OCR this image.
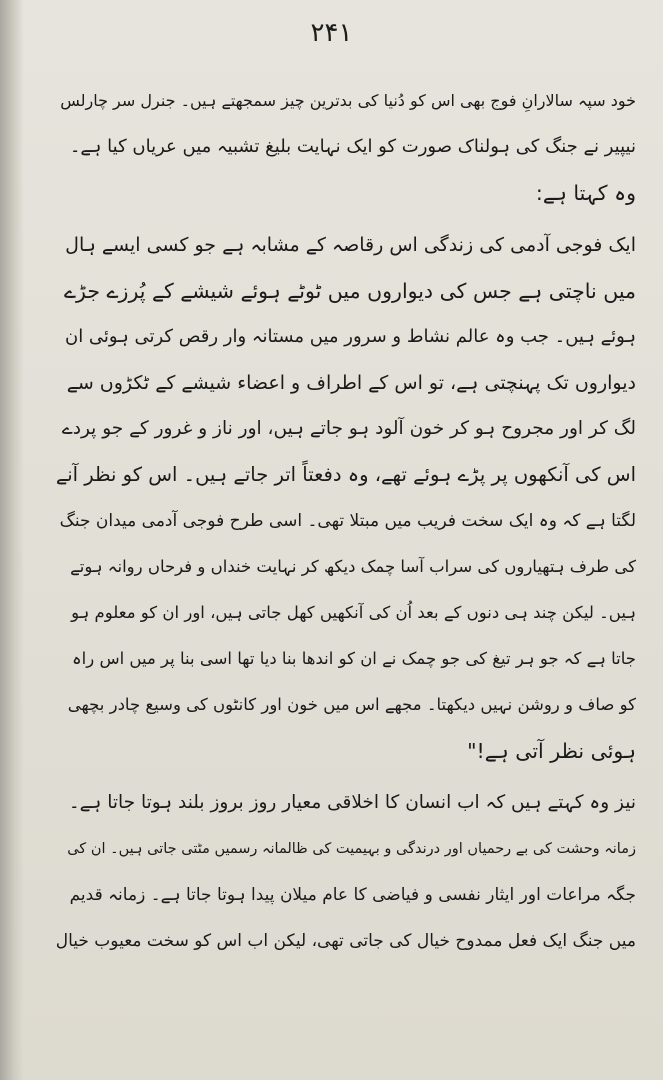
۲۴۱
خود سپہ سالارانِ فوج بھی اس کو دُنیا کی بدترین چیز سمجھتے ہیں۔ جنرل سر چارلس
نیپیر نے جنگ کی ہولناک صورت کو ایک نہایت بلیغ تشبیہ میں عریاں کیا ہے۔
وہ کہتا ہے:
ایک فوجی آدمی کی زندگی اس رقاصہ کے مشابہ ہے جو کسی ایسے ہال
میں ناچتی ہے جس کی دیواروں میں ٹوٹے ہوئے شیشے کے پُرزے جڑے
ہوئے ہیں۔ جب وہ عالم نشاط و سرور میں مستانہ وار رقص کرتی ہوئی ان
دیواروں تک پہنچتی ہے، تو اس کے اطراف و اعضاء شیشے کے ٹکڑوں سے
لگ کر اور مجروح ہو کر خون آلود ہو جاتے ہیں، اور ناز و غرور کے جو پردے
اس کی آنکھوں پر پڑے ہوئے تھے، وہ دفعتاً اتر جاتے ہیں۔ اس کو نظر آنے
لگتا ہے کہ وہ ایک سخت فریب میں مبتلا تھی۔ اسی طرح فوجی آدمی میدان جنگ
کی طرف ہتھیاروں کی سراب آسا چمک دیکھ کر نہایت خنداں و فرحاں روانہ ہوتے
ہیں۔ لیکن چند ہی دنوں کے بعد اُن کی آنکھیں کھل جاتی ہیں، اور ان کو معلوم ہو
جاتا ہے کہ جو ہر تیغ کی جو چمک نے ان کو اندھا بنا دیا تھا اسی بنا پر میں اس راہ
کو صاف و روشن نہیں دیکھتا۔ مجھے اس میں خون اور کانٹوں کی وسیع چادر بچھی
ہوئی نظر آتی ہے!"
نیز وہ کہتے ہیں کہ اب انسان کا اخلاقی معیار روز بروز بلند ہوتا جاتا ہے۔
زمانہ وحشت کی بے رحمیاں اور درندگی و بہیمیت کی ظالمانہ رسمیں مٹتی جاتی ہیں۔ ان کی
جگہ مراعات اور ایثار نفسی و فیاضی کا عام میلان پیدا ہوتا جاتا ہے۔ زمانہ قدیم
میں جنگ ایک فعل ممدوح خیال کی جاتی تھی، لیکن اب اس کو سخت معیوب خیال
